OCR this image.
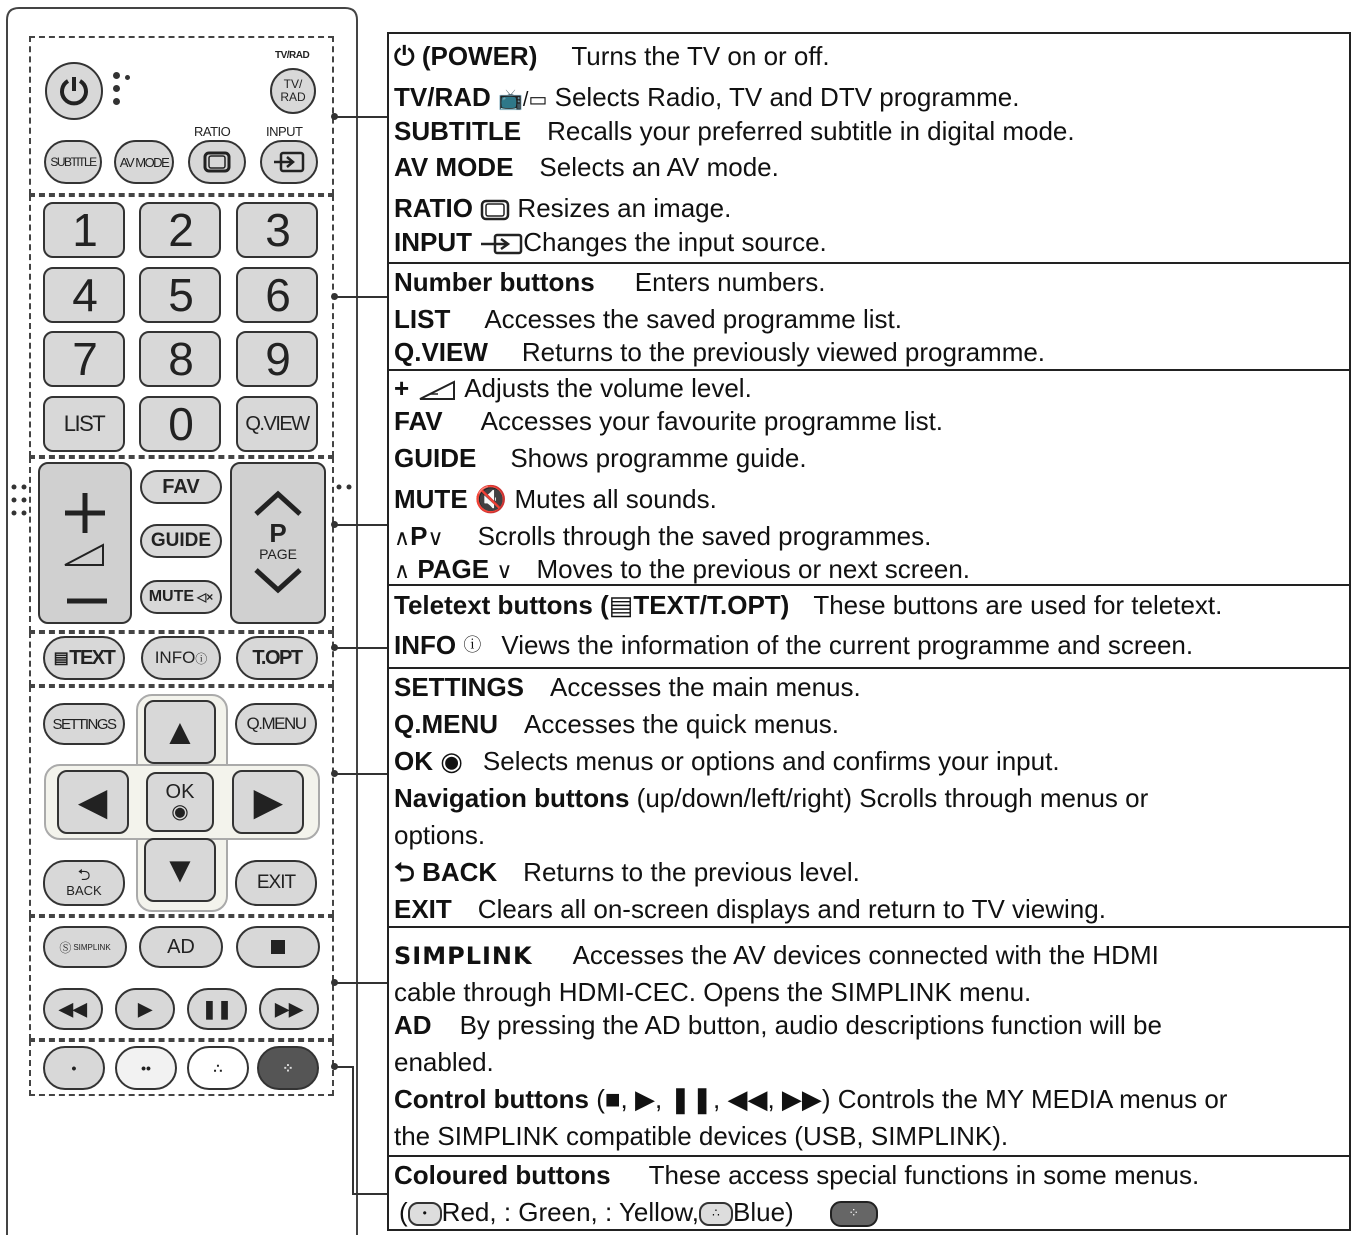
TV/RAD
TV/ RAD
RATIO	INPUT
SUBTITLE	AV MODE
1	2	3
4	5	6
7	8	9
LIST	0	Q.VIEW
FAV
GUIDE
MUTE ◁×
P
PAGE
▤ TEXT INFO ⓘ	T.OPT
SETTINGS	Q.MENU
▲
◀	▶
▼
OK
◉
⮌
BACK	EXIT
Ⓢ SIMPLINK	AD
◀◀	▶	❚❚ ▶▶
•	••	∴	⁘
⏻ (POWER) Turns the TV on or off.
TV/RAD 📺/▭ Selects Radio, TV and DTV programme.
SUBTITLE Recalls your preferred subtitle in digital mode.
AV MODE Selects an AV mode.
RATIO Resizes an image.
INPUT Changes the input source.
Number buttons Enters numbers.
LIST Accesses the saved programme list.
Q.VIEW Returns to the previously viewed programme.
+ Adjusts the volume level.
FAV Accesses your favourite programme list.
GUIDE Shows programme guide.
MUTE 🔇 Mutes all sounds.
∧P∨ Scrolls through the saved programmes.
∧ PAGE ∨ Moves to the previous or next screen.
Teletext buttons (▤TEXT/T.OPT) These buttons are used for teletext.
INFO ⓘ Views the information of the current programme and screen.
SETTINGS Accesses the main menus.
Q.MENU Accesses the quick menus.
OK ◉ Selects menus or options and confirms your input.
Navigation buttons (up/down/left/right) Scrolls through menus or
options.
⮌ BACK Returns to the previous level.
EXIT Clears all on-screen displays and return to TV viewing.
SIMPLINK Accesses the AV devices connected with the HDMI
cable through HDMI-CEC. Opens the SIMPLINK menu.
AD By pressing the AD button, audio descriptions function will be
enabled.
Control buttons (■, ▶, ❚❚, ◀◀, ▶▶) Controls the MY MEDIA menus or
the SIMPLINK compatible devices (USB, SIMPLINK).
Coloured buttons These access special functions in some menus.
( • Red, : Green, : Yellow, ∴ Blue)	⁘
